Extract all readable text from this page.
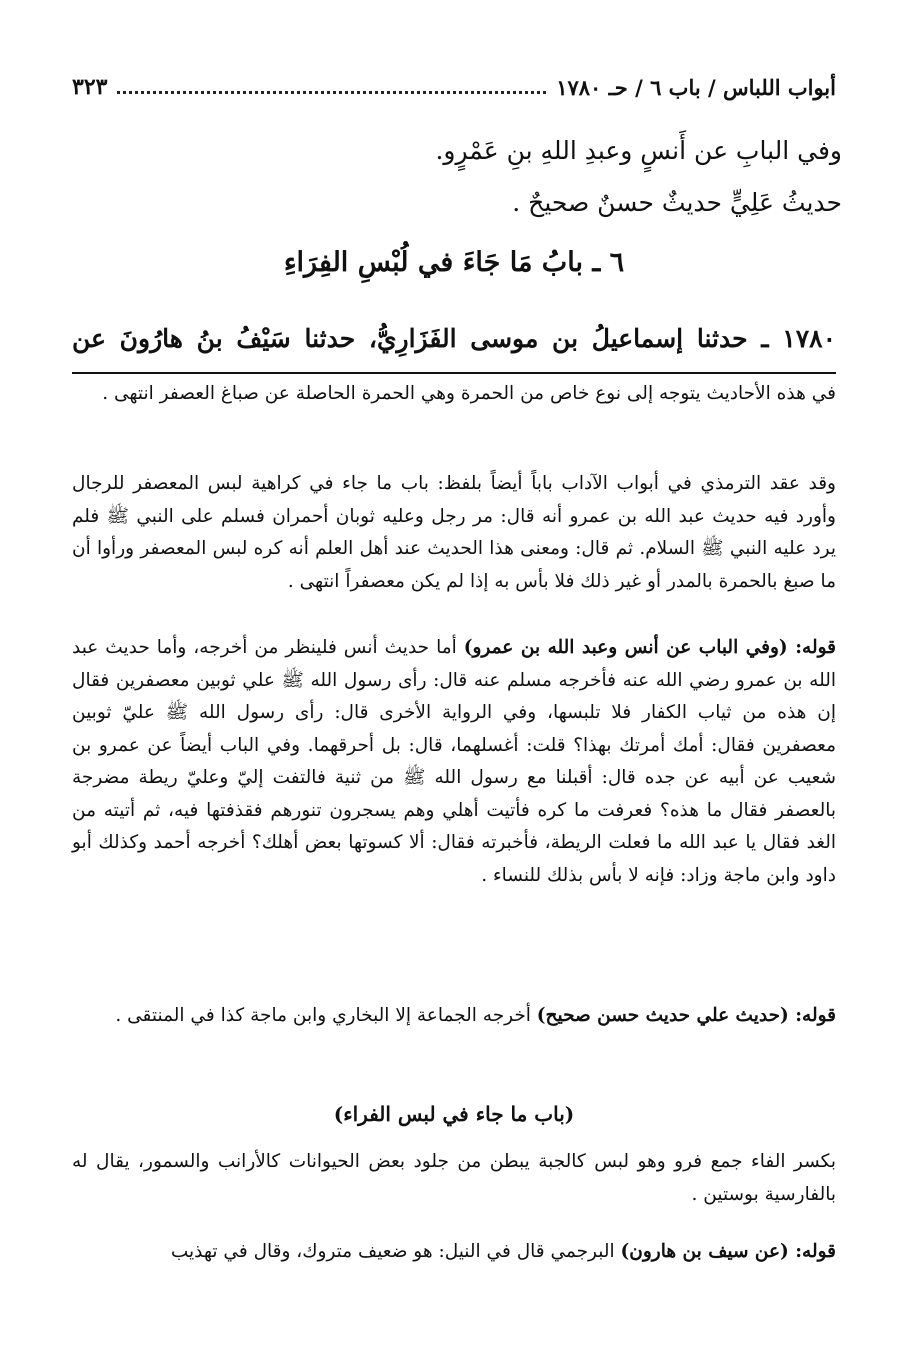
أبواب اللباس / باب ٦ / حـ ١٧٨٠
٣٢٣
وفي البابِ عن أَنسٍ وعبدِ اللهِ بنِ عَمْرٍو.
حديثُ عَلِيٍّ حديثٌ حسنٌ صحيحٌ .
٦ ـ بابُ مَا جَاءَ في لُبْسِ الفِرَاءِ
١٧٨٠ ـ حدثنا إسماعيلُ بن موسى الفَزَارِيُّ، حدثنا سَيْفُ بنُ هارُونَ عن

في هذه الأحاديث يتوجه إلى نوع خاص من الحمرة وهي الحمرة الحاصلة عن صباغ العصفر انتهى .

وقد عقد الترمذي في أبواب الآداب باباً أيضاً بلفظ: باب ما جاء في كراهية لبس المعصفر للرجال وأورد فيه حديث عبد الله بن عمرو أنه قال: مر رجل وعليه ثوبان أحمران فسلم على النبي ﷺ فلم يرد عليه النبي ﷺ السلام. ثم قال: ومعنى هذا الحديث عند أهل العلم أنه كره لبس المعصفر ورأوا أن ما صبغ بالحمرة بالمدر أو غير ذلك فلا بأس به إذا لم يكن معصفراً انتهى .

قوله: (وفي الباب عن أنس وعبد الله بن عمرو) أما حديث أنس فلينظر من أخرجه، وأما حديث عبد الله بن عمرو رضي الله عنه فأخرجه مسلم عنه قال: رأى رسول الله ﷺ علي ثوبين معصفرين فقال إن هذه من ثياب الكفار فلا تلبسها، وفي الرواية الأخرى قال: رأى رسول الله ﷺ عليّ ثوبين معصفرين فقال: أمك أمرتك بهذا؟ قلت: أغسلهما، قال: بل أحرقهما. وفي الباب أيضاً عن عمرو بن شعيب عن أبيه عن جده قال: أقبلنا مع رسول الله ﷺ من ثنية فالتفت إليّ وعليّ ريطة مضرجة بالعصفر فقال ما هذه؟ فعرفت ما كره فأتيت أهلي وهم يسجرون تنورهم فقذفتها فيه، ثم أتيته من الغد فقال يا عبد الله ما فعلت الريطة، فأخبرته فقال: ألا كسوتها بعض أهلك؟ أخرجه أحمد وكذلك أبو داود وابن ماجة وزاد: فإنه لا بأس بذلك للنساء .

قوله: (حديث علي حديث حسن صحيح) أخرجه الجماعة إلا البخاري وابن ماجة كذا في المنتقى .

(باب ما جاء في لبس الفراء)

بكسر الفاء جمع فرو وهو لبس كالجبة يبطن من جلود بعض الحيوانات كالأرانب والسمور، يقال له بالفارسية بوستين .

قوله: (عن سيف بن هارون) البرجمي قال في النيل: هو ضعيف متروك، وقال في تهذيب
